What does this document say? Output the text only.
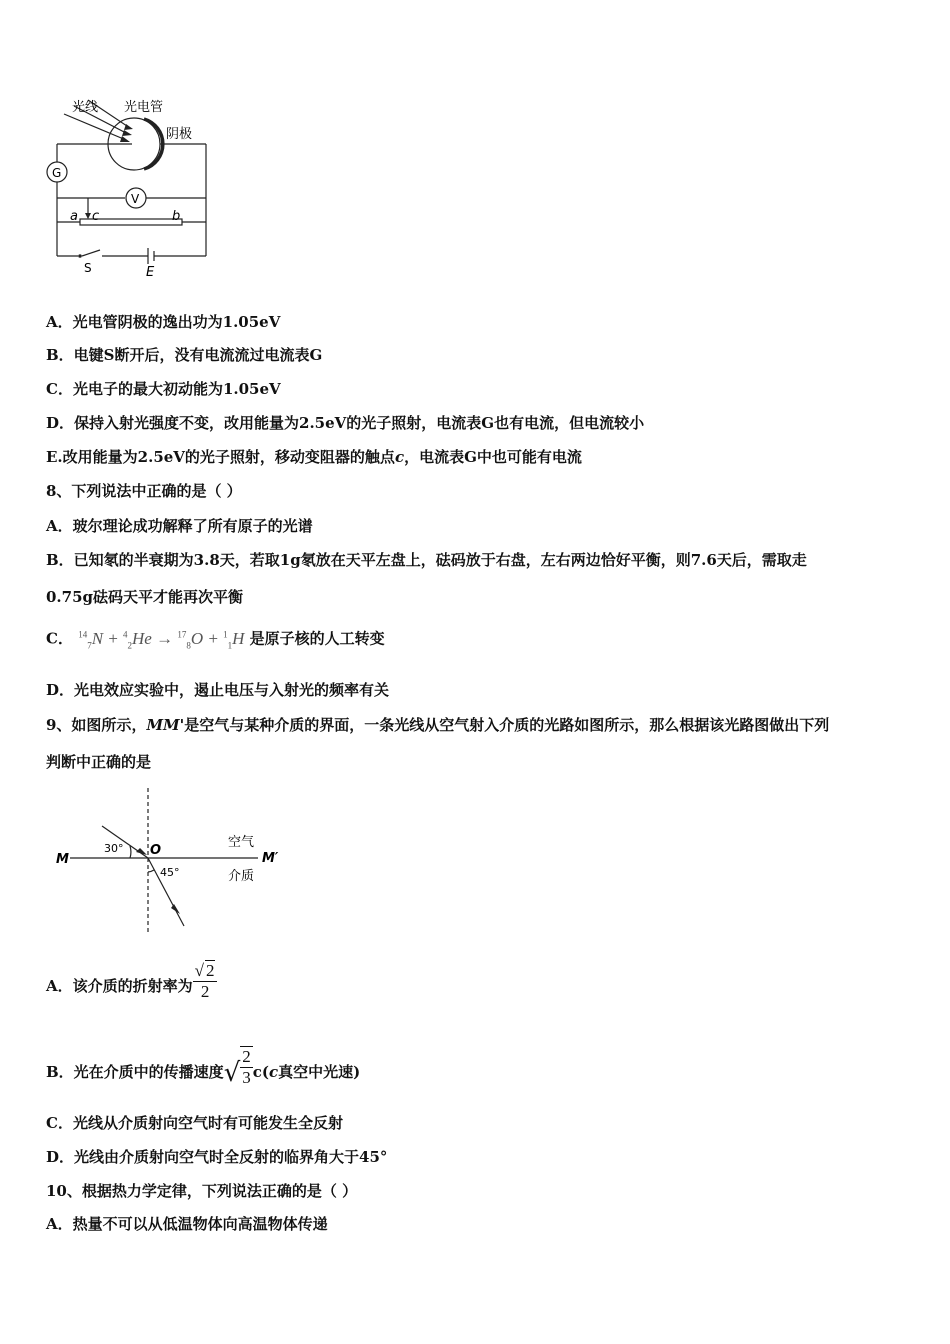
光线 光电管
阴极
G
V
a c	b
S	E
A．光电管阴极的逸出功为1.05eV
B．电键S断开后，没有电流流过电流表G
C．光电子的最大初动能为1.05eV
D．保持入射光强度不变，改用能量为2.5eV的光子照射，电流表G也有电流，但电流较小
E.改用能量为2.5eV的光子照射，移动变阻器的触点c，电流表G中也可能有电流
8、下列说法中正确的是（ ）
A．玻尔理论成功解释了所有原子的光谱
B．已知氡的半衰期为3.8天，若取1g氡放在天平左盘上，砝码放于右盘，左右两边恰好平衡，则7.6天后，需取走
0.75g砝码天平才能再次平衡
C． $^{14}_7$N + $^4_2$He → $^{17}_8$O + $^1_1$H 是原子核的人工转变
D．光电效应实验中，遏止电压与入射光的频率有关
9、如图所示，MM'是空气与某种介质的界面，一条光线从空气射入介质的光路如图所示，那么根据该光路图做出下列
判断中正确的是
M	M′
O
30°
45°
空气
介质
A．该介质的折射率为 $\frac{√ 2}{2}$
B．光在介质中的传播速度√ $\frac{2}{3} c(c$真空中光速)
C．光线从介质射向空气时有可能发生全反射
D．光线由介质射向空气时全反射的临界角大于45°
10、根据热力学定律，下列说法正确的是（ ）
A．热量不可以从低温物体向高温物体传递
